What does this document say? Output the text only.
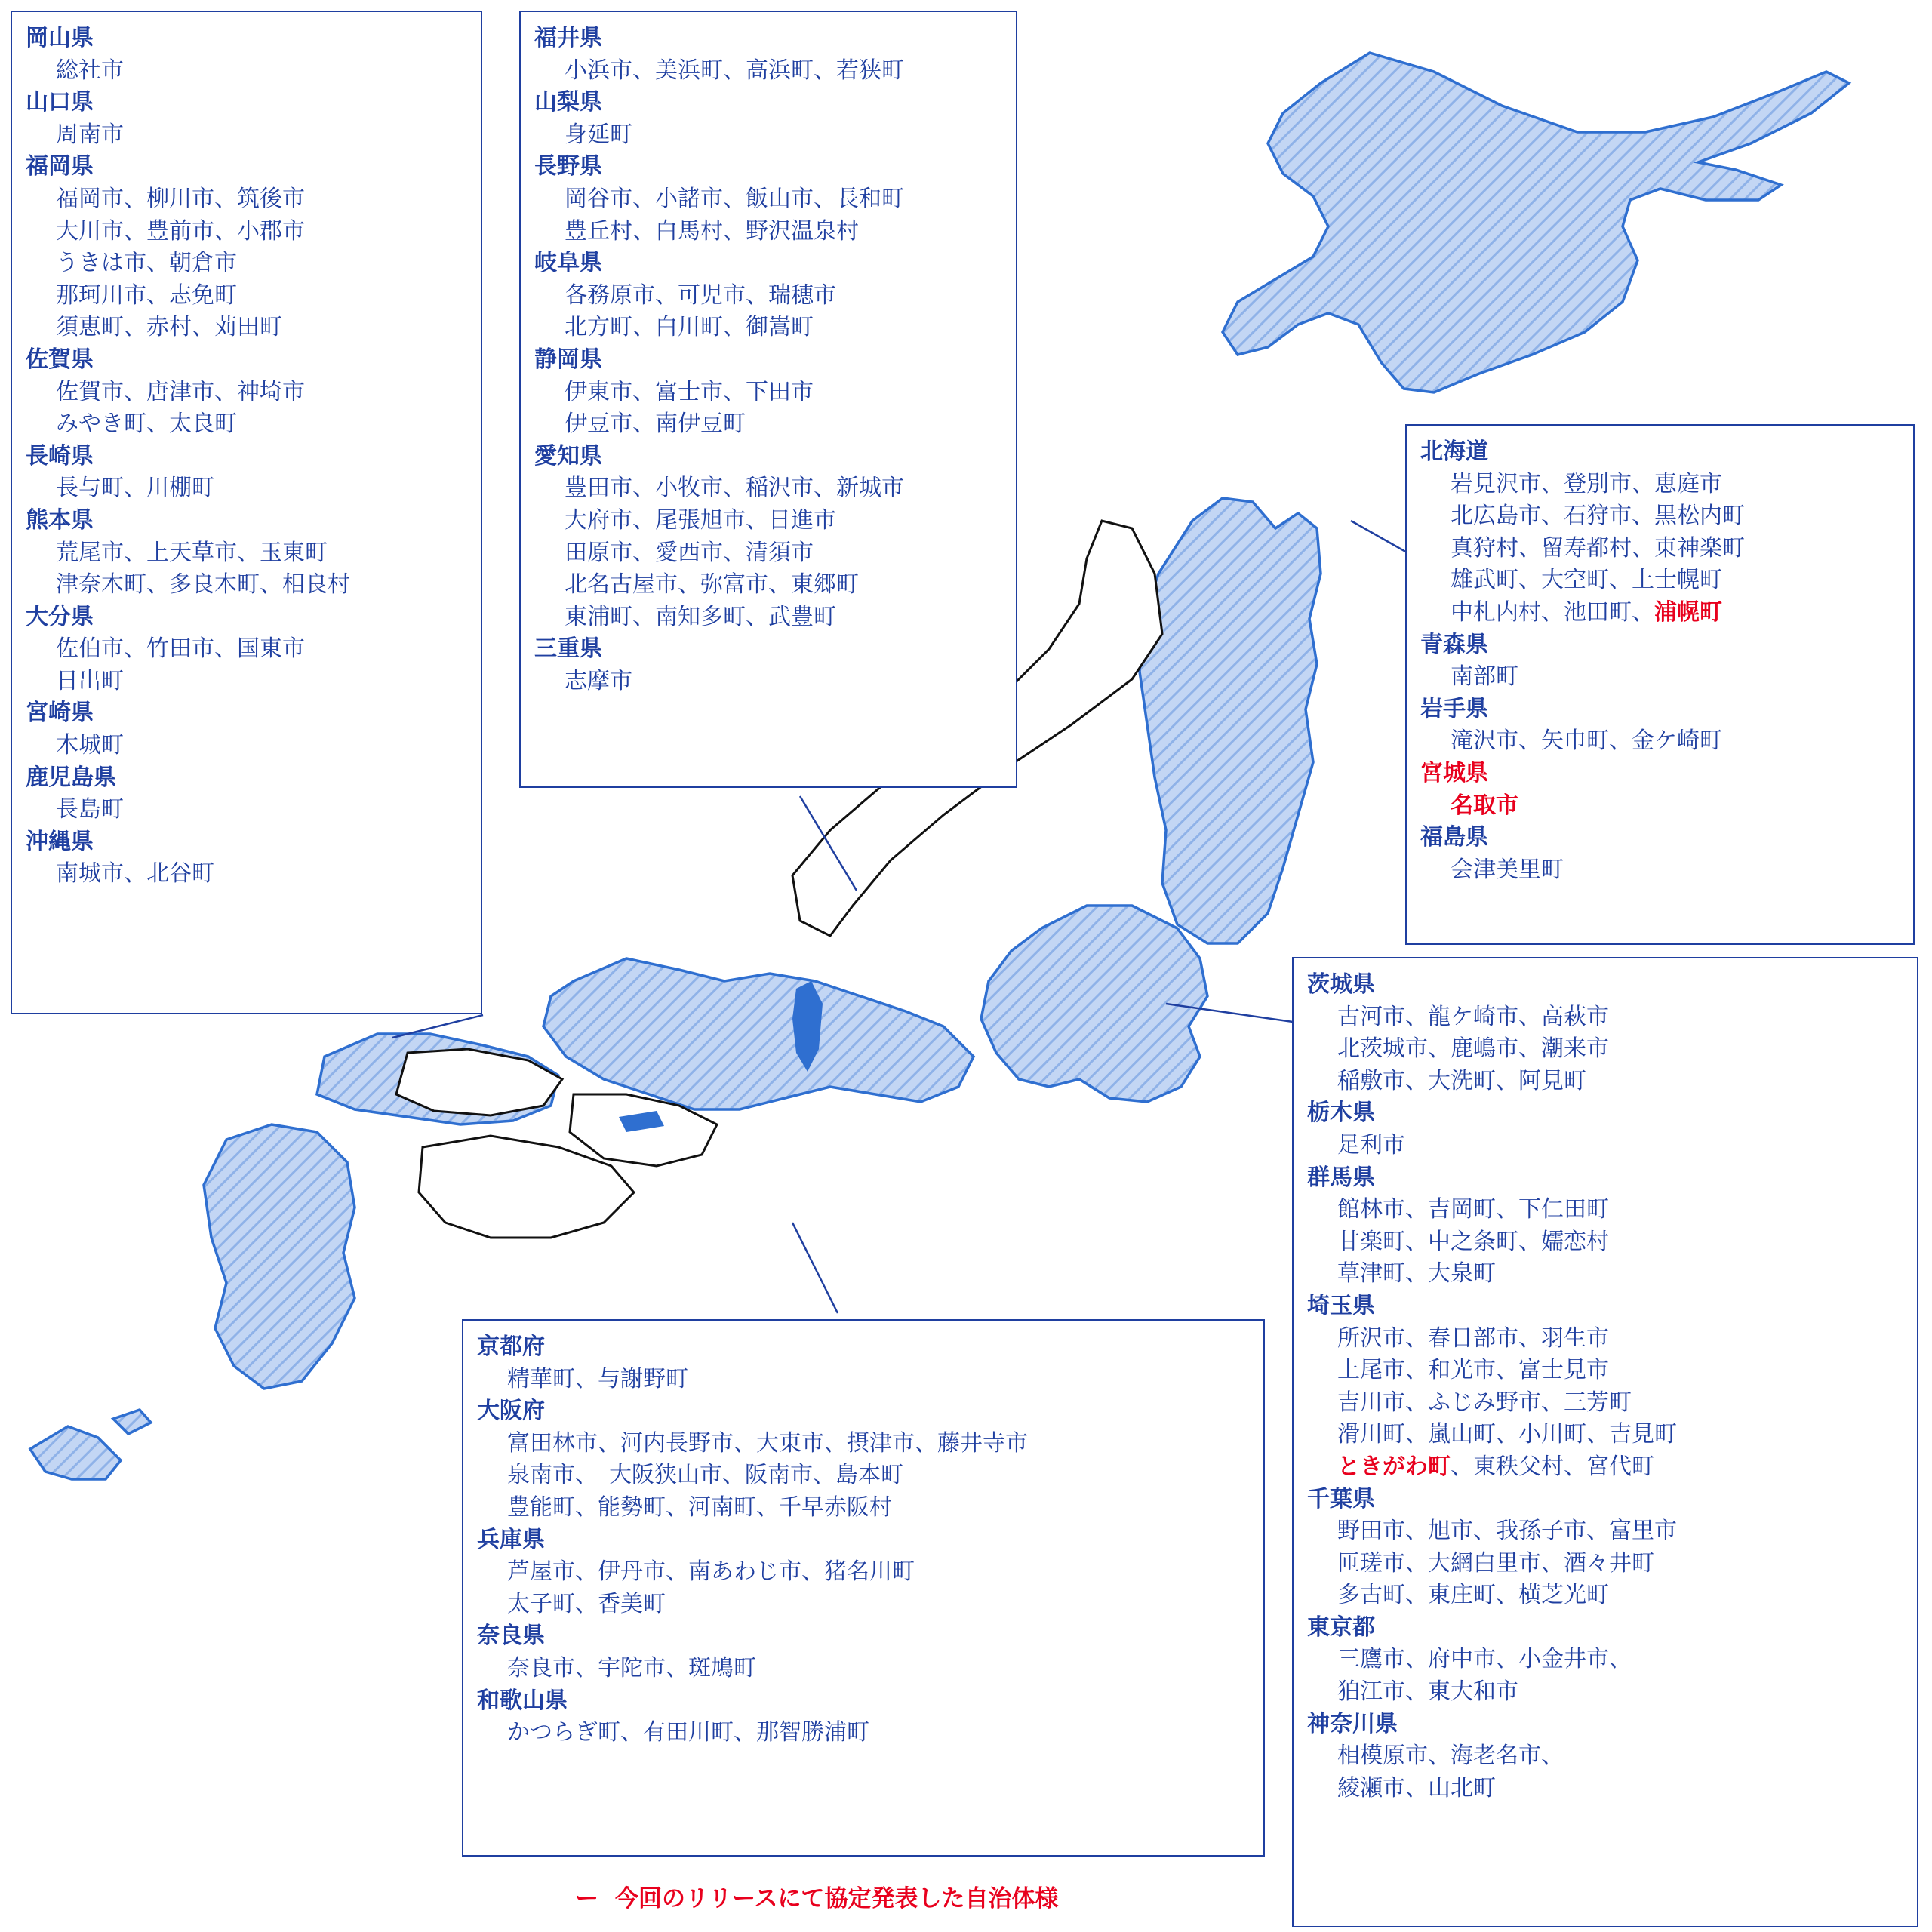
岡山県
総社市
山口県
周南市
福岡県
福岡市、柳川市、筑後市
大川市、豊前市、小郡市
うきは市、朝倉市
那珂川市、志免町
須恵町、赤村、苅田町
佐賀県
佐賀市、唐津市、神埼市
みやき町、太良町
長崎県
長与町、川棚町
熊本県
荒尾市、上天草市、玉東町
津奈木町、多良木町、相良村
大分県
佐伯市、竹田市、国東市
日出町
宮崎県
木城町
鹿児島県
長島町
沖縄県
南城市、北谷町
福井県
小浜市、美浜町、高浜町、若狭町
山梨県
身延町
長野県
岡谷市、小諸市、飯山市、長和町
豊丘村、白馬村、野沢温泉村
岐阜県
各務原市、可児市、瑞穂市
北方町、白川町、御嵩町
静岡県
伊東市、富士市、下田市
伊豆市、南伊豆町
愛知県
豊田市、小牧市、稲沢市、新城市
大府市、尾張旭市、日進市
田原市、愛西市、清須市
北名古屋市、弥富市、東郷町
東浦町、南知多町、武豊町
三重県
志摩市
北海道
岩見沢市、登別市、恵庭市
北広島市、石狩市、黒松内町
真狩村、留寿都村、東神楽町
雄武町、大空町、上士幌町
中札内村、池田町、浦幌町
青森県
南部町
岩手県
滝沢市、矢巾町、金ケ崎町
宮城県
名取市
福島県
会津美里町
茨城県
古河市、龍ケ崎市、高萩市
北茨城市、鹿嶋市、潮来市
稲敷市、大洗町、阿見町
栃木県
足利市
群馬県
館林市、吉岡町、下仁田町
甘楽町、中之条町、嬬恋村
草津町、大泉町
埼玉県
所沢市、春日部市、羽生市
上尾市、和光市、富士見市
吉川市、ふじみ野市、三芳町
滑川町、嵐山町、小川町、吉見町
ときがわ町、東秩父村、宮代町
千葉県
野田市、旭市、我孫子市、富里市
匝瑳市、大網白里市、酒々井町
多古町、東庄町、横芝光町
東京都
三鷹市、府中市、小金井市、
狛江市、東大和市
神奈川県
相模原市、海老名市、
綾瀬市、山北町
京都府
精華町、与謝野町
大阪府
富田林市、河内長野市、大東市、摂津市、藤井寺市
泉南市、　大阪狭山市、阪南市、島本町
豊能町、能勢町、河南町、千早赤阪村
兵庫県
芦屋市、伊丹市、南あわじ市、猪名川町
太子町、香美町
奈良県
奈良市、宇陀市、斑鳩町
和歌山県
かつらぎ町、有田川町、那智勝浦町
ー 今回のリリースにて協定発表した自治体様
